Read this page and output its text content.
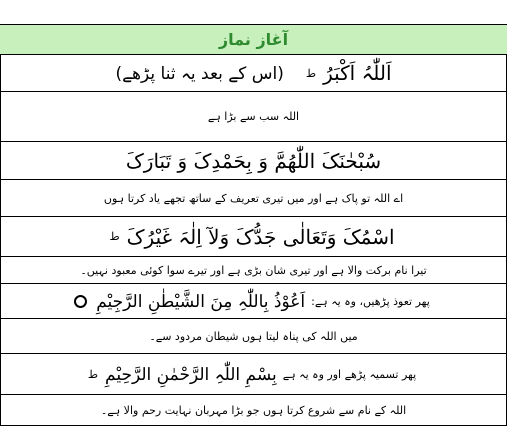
آغاز نماز
اَللّٰہُ اَکْبَرُ
ط
(اس کے بعد یہ ثنا پڑھے)
اللہ سب سے بڑا ہے
سُبْحٰنَکَ اللّٰھُمَّ وَ بِحَمْدِکَ وَ تَبَارَکَ
اے اللہ تو پاک ہے اور میں تیری تعریف کے ساتھ تجھے یاد کرتا ہوں
اسْمُکَ وَتَعَالٰی جَدُّکَ وَلآ اِلٰہَ غَیْرُکَ
ط
تیرا نام برکت والا ہے اور تیری شان بڑی ہے اور تیرے سوا کوئی معبود نہیں۔
پھر تعوذ پڑھیں، وہ یہ ہے:
اَعُوْذُ بِاللّٰہِ مِنَ الشَّیْطٰنِ الرَّجِیْمِ
میں اللہ کی پناہ لیتا ہوں شیطان مردود سے۔
پھر تسمیہ پڑھے اور وہ یہ ہے
بِسْمِ اللّٰہِ الرَّحْمٰنِ الرَّحِیْمِ
ط
اللہ کے نام سے شروع کرتا ہوں جو بڑا مہربان نہایت رحم والا ہے۔
